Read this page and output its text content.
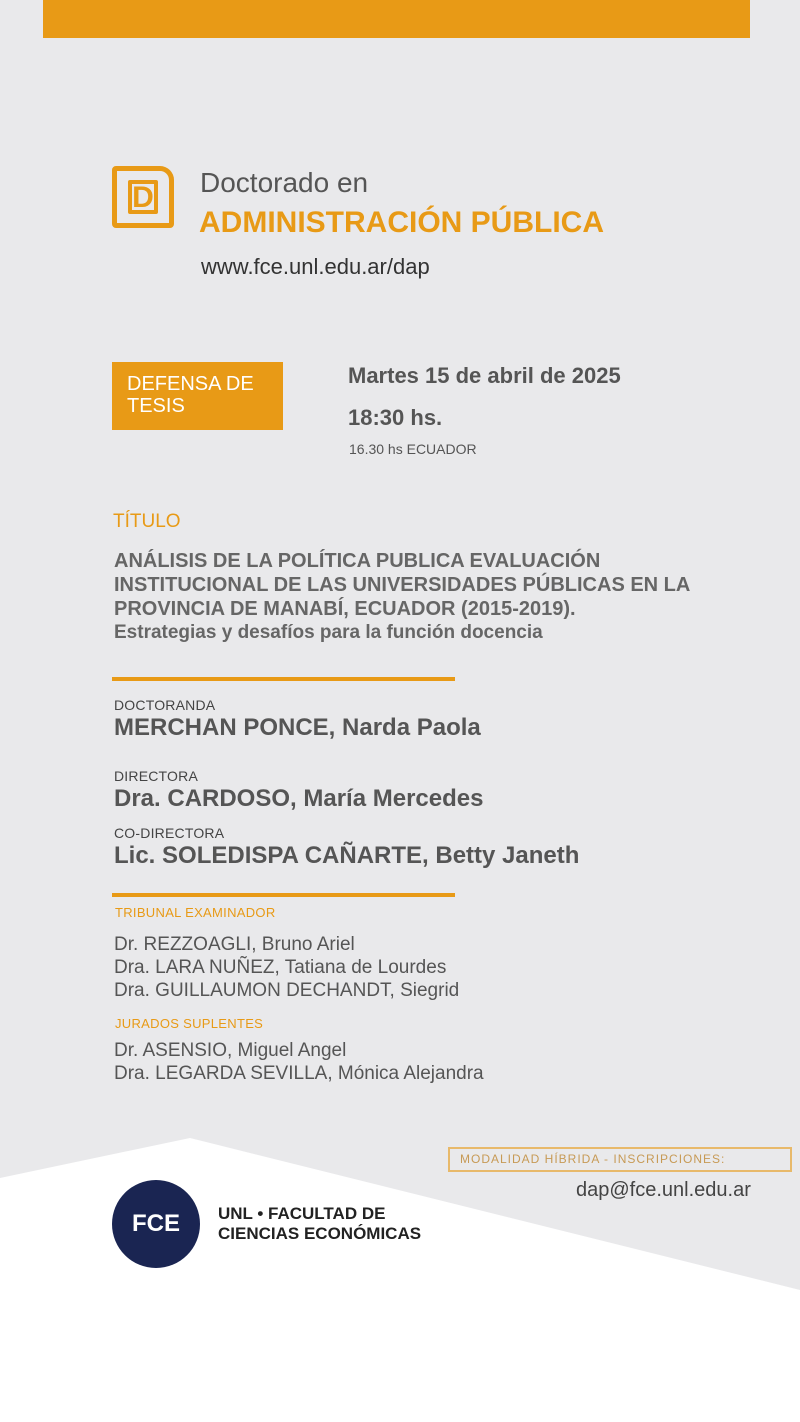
D Doctorado en
ADMINISTRACIÓN PÚBLICA
www.fce.unl.edu.ar/dap
DEFENSA DE
TESIS
Martes 15 de abril de 2025
18:30 hs.
16.30 hs ECUADOR
TÍTULO
ANÁLISIS DE LA POLÍTICA PUBLICA EVALUACIÓN
INSTITUCIONAL DE LAS UNIVERSIDADES PÚBLICAS EN LA
PROVINCIA DE MANABÍ, ECUADOR (2015-2019).
Estrategias y desafíos para la función docencia
DOCTORANDA
MERCHAN PONCE, Narda Paola
DIRECTORA
Dra. CARDOSO, María Mercedes
CO-DIRECTORA
Lic. SOLEDISPA CAÑARTE, Betty Janeth
TRIBUNAL EXAMINADOR
Dr. REZZOAGLI, Bruno Ariel
Dra. LARA NUÑEZ, Tatiana de Lourdes
Dra. GUILLAUMON DECHANDT, Siegrid
JURADOS SUPLENTES
Dr. ASENSIO, Miguel Angel
Dra. LEGARDA SEVILLA, Mónica Alejandra
MODALIDAD HÍBRIDA - INSCRIPCIONES:
dap@fce.unl.edu.ar
FCE	UNL • FACULTAD DE
CIENCIAS ECONÓMICAS
